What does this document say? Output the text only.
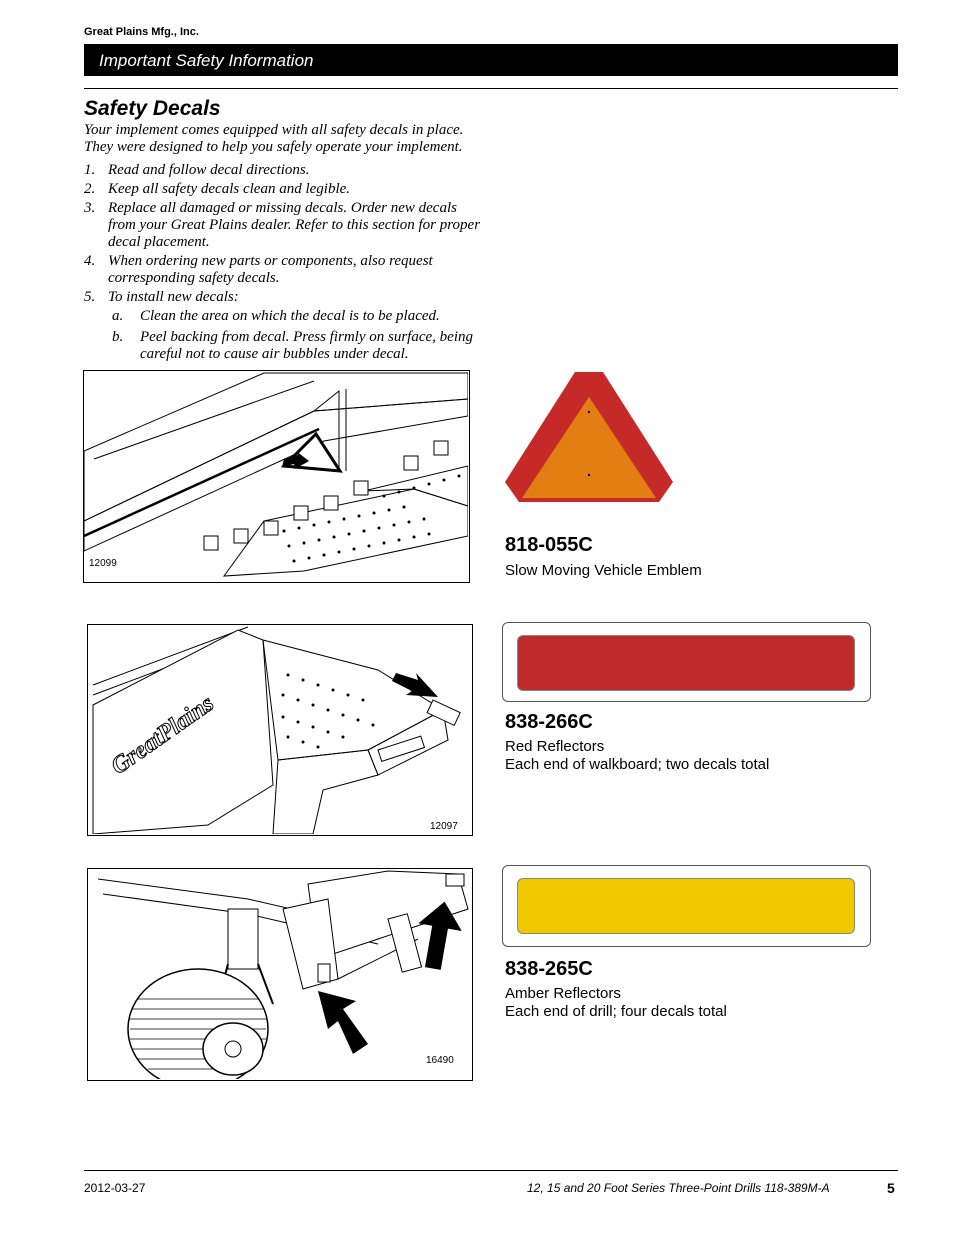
Great Plains Mfg., Inc.
Important Safety Information
Safety Decals
Your implement comes equipped with all safety decals in place. They were designed to help you safely operate your implement.
1. Read and follow decal directions.
2. Keep all safety decals clean and legible.
3. Replace all damaged or missing decals. Order new decals from your Great Plains dealer. Refer to this section for proper decal placement.
4. When ordering new parts or components, also request corresponding safety decals.
5. To install new decals:
a. Clean the area on which the decal is to be placed.
b. Peel backing from decal. Press firmly on surface, being careful not to cause air bubbles under decal.
12099
818-055C
Slow Moving Vehicle Emblem
GreatPlains
12097
838-266C
Red Reflectors
Each end of walkboard; two decals total
16490
838-265C
Amber Reflectors
Each end of drill; four decals total
2012-03-27	12, 15 and 20 Foot Series Three-Point Drills 118-389M-A	5
